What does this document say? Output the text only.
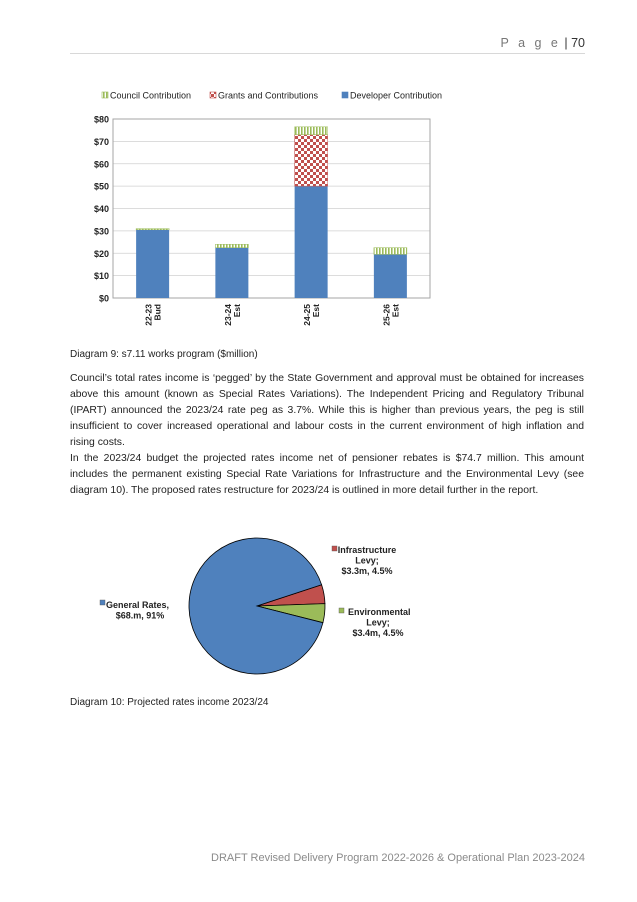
P a g e | 70
Council Contribution	Grants and Contributions	Developer Contribution
$0
$10
$20
$30
$40
$50
$60
$70
$80
22-23 Bud	23-24 Est	24-25 Est	25-26 Est
Diagram 9: s7.11 works program ($million)

Council’s total rates income is ‘pegged’ by the State Government and approval must be obtained for increases above this amount (known as Special Rates Variations). The Independent Pricing and Regulatory Tribunal (IPART) announced the 2023/24 rate peg as 3.7%. While this is higher than previous years, the peg is still insufficient to cover increased operational and labour costs in the current environment of high inflation and rising costs.

In the 2023/24 budget the projected rates income net of pensioner rebates is $74.7 million. This amount includes the permanent existing Special Rate Variations for Infrastructure and the Environmental Levy (see diagram 10). The proposed rates restructure for 2023/24 is outlined in more detail further in the report.

General Rates,
$68.m, 91%
Infrastructure
Levy;
$3.3m, 4.5%
Environmental
Levy;
$3.4m, 4.5%
Diagram 10: Projected rates income 2023/24
DRAFT Revised Delivery Program 2022-2026 & Operational Plan 2023-2024
